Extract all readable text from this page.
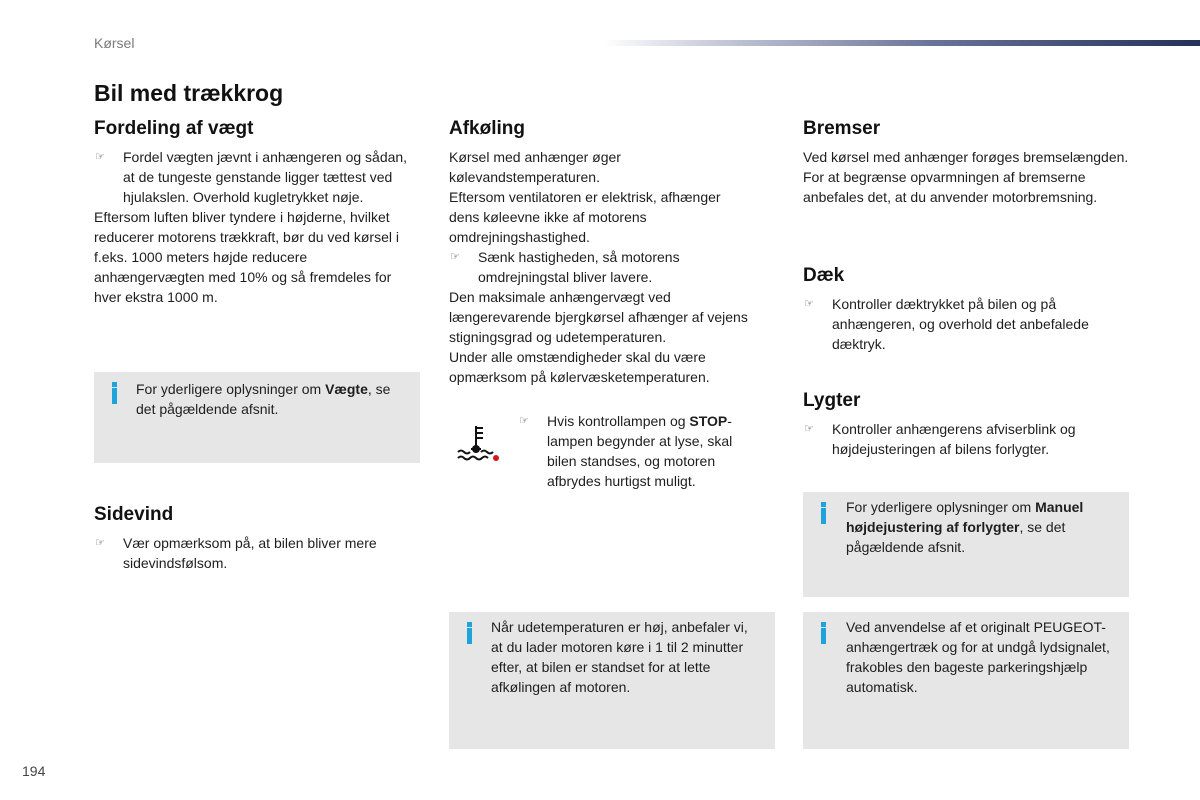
Kørsel
Bil med trækkrog
Fordeling af vægt
☞ Fordel vægten jævnt i anhængeren og sådan, at de tungeste genstande ligger tættest ved hjulakslen. Overhold kugletrykket nøje.

Eftersom luften bliver tyndere i højderne, hvilket reducerer motorens trækkraft, bør du ved kørsel i f.eks. 1000 meters højde reducere anhængervægten med 10% og så fremdeles for hver ekstra 1000 m.

For yderligere oplysninger om Vægte, se det pågældende afsnit.
Sidevind
☞ Vær opmærksom på, at bilen bliver mere sidevindsfølsom.
Afkøling

Kørsel med anhænger øger kølevandstemperaturen.

Eftersom ventilatoren er elektrisk, afhænger dens køleevne ikke af motorens omdrejningshastighed.

☞ Sænk hastigheden, så motorens omdrejningstal bliver lavere.

Den maksimale anhængervægt ved længerevarende bjergkørsel afhænger af vejens stigningsgrad og udetemperaturen.

Under alle omstændigheder skal du være opmærksom på kølervæsketemperaturen.

☞ Hvis kontrollampen og STOP-lampen begynder at lyse, skal bilen standses, og motoren afbrydes hurtigst muligt.
Når udetemperaturen er høj, anbefaler vi, at du lader motoren køre i 1 til 2 minutter efter, at bilen er standset for at lette afkølingen af motoren.
Bremser

Ved kørsel med anhænger forøges bremselængden.

For at begrænse opvarmningen af bremserne anbefales det, at du anvender motorbremsning.

Dæk
☞ Kontroller dæktrykket på bilen og på anhængeren, og overhold det anbefalede dæktryk.
Lygter
☞ Kontroller anhængerens afviserblink og højdejusteringen af bilens forlygter.
For yderligere oplysninger om Manuel højdejustering af forlygter, se det pågældende afsnit.
Ved anvendelse af et originalt PEUGEOT-anhængertræk og for at undgå lydsignalet, frakobles den bageste parkeringshjælp automatisk.
194
